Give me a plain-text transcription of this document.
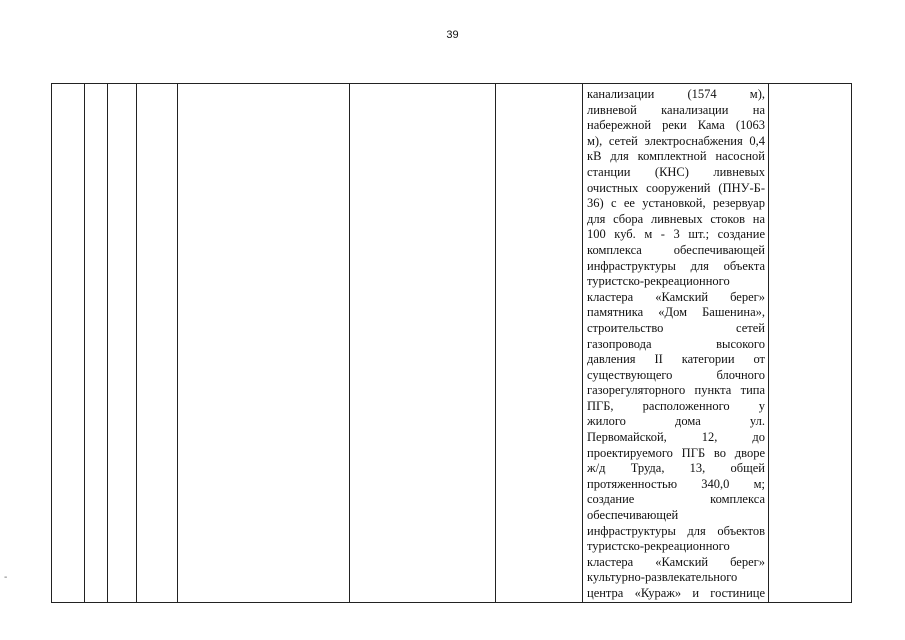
39

канализации (1574 м),
ливневой канализации на
набережной реки Кама (1063
м), сетей электроснабжения 0,4
кВ для комплектной насосной
станции (КНС) ливневых
очистных сооружений (ПНУ-Б-
36) с ее установкой, резервуар
для сбора ливневых стоков на
100 куб. м - 3 шт.; создание
комплекса обеспечивающей
инфраструктуры для объекта
туристско-рекреационного
кластера «Камский берег»
памятника «Дом Башенина»,
строительство сетей
газопровода высокого
давления II категории от
существующего блочного
газорегуляторного пункта типа
ПГБ, расположенного у
жилого дома ул.
Первомайской, 12, до
проектируемого ПГБ во дворе
ж/д Труда, 13, общей
протяженностью 340,0 м;
создание комплекса
обеспечивающей
инфраструктуры для объектов
туристско-рекреационного
кластера «Камский берег»
культурно-развлекательного
центра «Кураж» и гостинице

-
